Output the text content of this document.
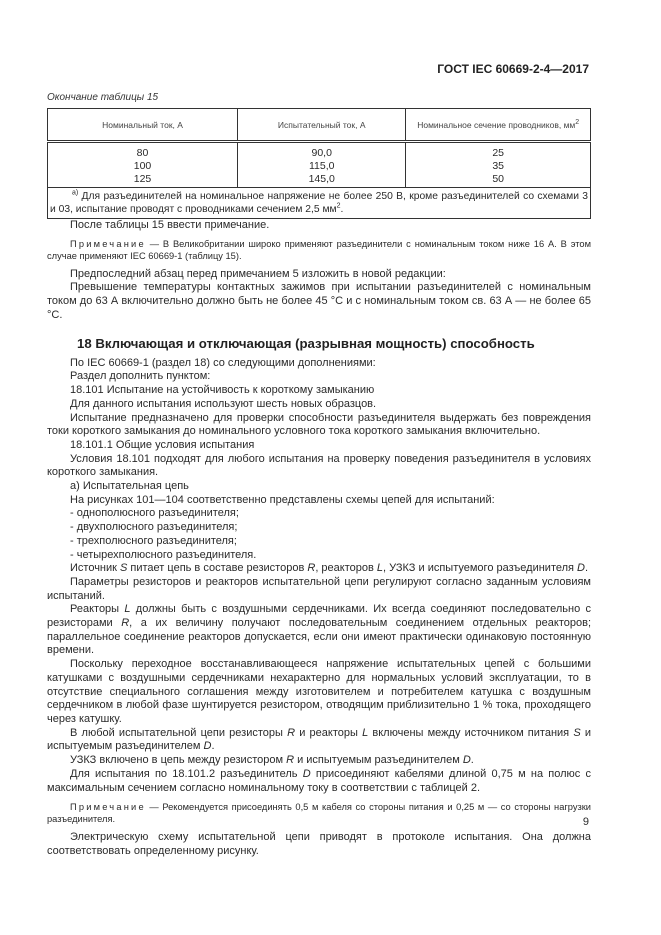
ГОСТ IEC 60669-2-4—2017
Окончание таблицы 15
Номинальный ток, А	Испытательный ток, А	Номинальное сечение проводников, $мм^2$
80	90,0	25
100	115,0	35
125	145,0	50
$^{а)}$ Для разъединителей на номинальное напряжение не более 250 В, кроме разъединителей со схемами 3 и 03, испытание проводят с проводниками сечением 2,5 $мм^2$.		

После таблицы 15 ввести примечание.

Примечание — В Великобритании широко применяют разъединители с номинальным током ниже 16 А. В этом случае применяют IEC 60669-1 (таблицу 15).

Предпоследний абзац перед примечанием 5 изложить в новой редакции:

Превышение температуры контактных зажимов при испытании разъединителей с номинальным током до 63 А включительно должно быть не более 45 °С и с номинальным током св. 63 А — не более 65 °С.

18 Включающая и отключающая (разрывная мощность) способность

По IEC 60669-1 (раздел 18) со следующими дополнениями:

Раздел дополнить пунктом:

18.101 Испытание на устойчивость к короткому замыканию

Для данного испытания используют шесть новых образцов.

Испытание предназначено для проверки способности разъединителя выдержать без повреждения токи короткого замыкания до номинального условного тока короткого замыкания включительно.

18.101.1 Общие условия испытания

Условия 18.101 подходят для любого испытания на проверку поведения разъединителя в условиях короткого замыкания.

а) Испытательная цепь

На рисунках 101—104 соответственно представлены схемы цепей для испытаний:

- однополюсного разъединителя;

- двухполюсного разъединителя;

- трехполюсного разъединителя;

- четырехполюсного разъединителя.

Источник S питает цепь в составе резисторов R, реакторов L, УЗКЗ и испытуемого разъединителя D.

Параметры резисторов и реакторов испытательной цепи регулируют согласно заданным условиям испытаний.

Реакторы L должны быть с воздушными сердечниками. Их всегда соединяют последовательно с резисторами R, а их величину получают последовательным соединением отдельных реакторов; параллельное соединение реакторов допускается, если они имеют практически одинаковую постоянную времени.

Поскольку переходное восстанавливающееся напряжение испытательных цепей с большими катушками с воздушными сердечниками нехарактерно для нормальных условий эксплуатации, то в отсутствие специального соглашения между изготовителем и потребителем катушка с воздушным сердечником в любой фазе шунтируется резистором, отводящим приблизительно 1 % тока, проходящего через катушку.

В любой испытательной цепи резисторы R и реакторы L включены между источником питания S и испытуемым разъединителем D.

УЗКЗ включено в цепь между резистором R и испытуемым разъединителем D.

Для испытания по 18.101.2 разъединитель D присоединяют кабелями длиной 0,75 м на полюс с максимальным сечением согласно номинальному току в соответствии с таблицей 2.

Примечание — Рекомендуется присоединять 0,5 м кабеля со стороны питания и 0,25 м — со стороны нагрузки разъединителя.

Электрическую схему испытательной цепи приводят в протоколе испытания. Она должна соответствовать определенному рисунку.

9
